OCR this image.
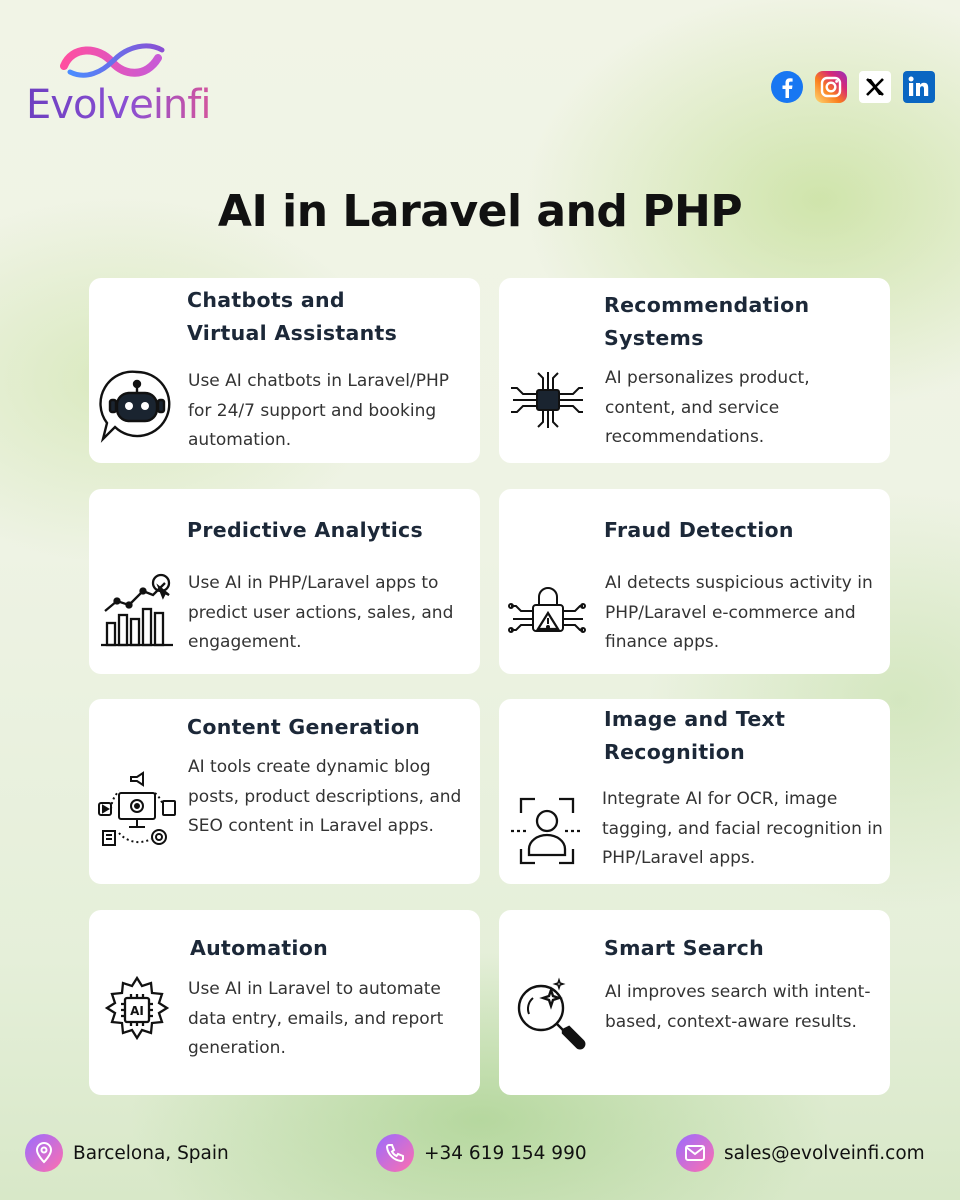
Evolveinfi
AI in Laravel and PHP
Chatbots and
Virtual Assistants

Use AI chatbots in Laravel/PHP for 24/7 support and booking automation.

Recommendation
Systems

AI personalizes product, content, and service recommendations.

Predictive Analytics

Use AI in PHP/Laravel apps to predict user actions, sales, and engagement.

Fraud Detection

AI detects suspicious activity in PHP/Laravel e-commerce and finance apps.

Content Generation

AI tools create dynamic blog posts, product descriptions, and SEO content in Laravel apps.

Image and Text
Recognition

Integrate AI for OCR, image tagging, and facial recognition in PHP/Laravel apps.

Automation
AI

Use AI in Laravel to automate data entry, emails, and report generation.

Smart Search

AI improves search with intent-based, context-aware results.

Barcelona, Spain	+34 619 154 990	sales@evolveinfi.com
